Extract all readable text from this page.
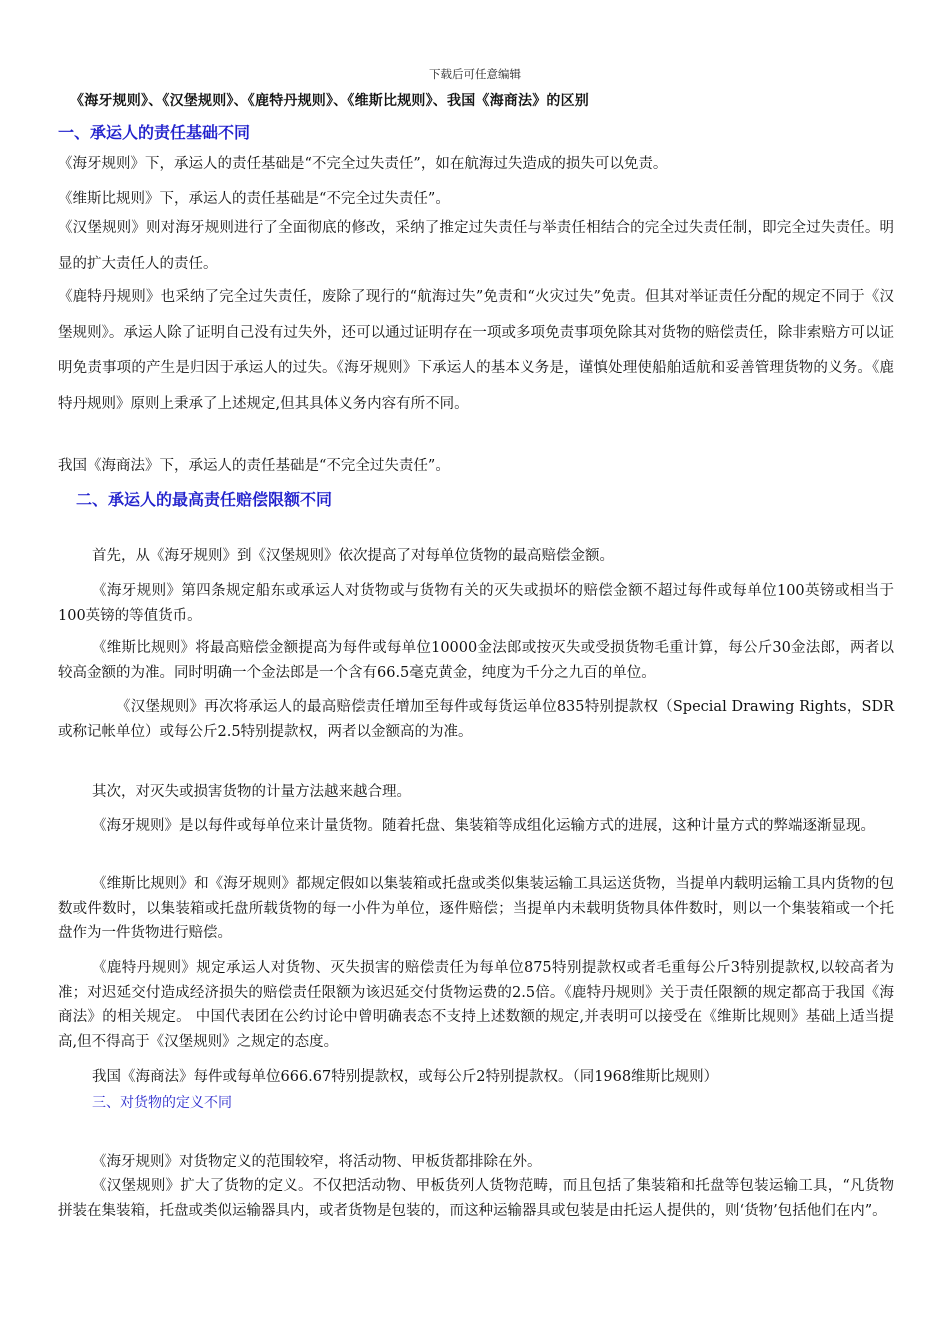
下载后可任意编辑
《海牙规则》、《汉堡规则》、《鹿特丹规则》、《维斯比规则》、我国《海商法》的区别
一、承运人的责任基础不同
《海牙规则》下，承运人的责任基础是“不完全过失责任”，如在航海过失造成的损失可以免责。
《维斯比规则》下，承运人的责任基础是“不完全过失责任”。
《汉堡规则》则对海牙规则进行了全面彻底的修改，采纳了推定过失责任与举责任相结合的完全过失责任制，即完全过失责任。明显的扩大责任人的责任。
《鹿特丹规则》也采纳了完全过失责任，废除了现行的“航海过失”免责和“火灾过失”免责。但其对举证责任分配的规定不同于《汉堡规则》。承运人除了证明自己没有过失外，还可以通过证明存在一项或多项免责事项免除其对货物的赔偿责任，除非索赔方可以证明免责事项的产生是归因于承运人的过失。《海牙规则》下承运人的基本义务是，谨慎处理使船舶适航和妥善管理货物的义务。《鹿特丹规则》原则上秉承了上述规定,但其具体义务内容有所不同。
我国《海商法》下，承运人的责任基础是“不完全过失责任”。
二、承运人的最高责任赔偿限额不同
首先，从《海牙规则》到《汉堡规则》依次提高了对每单位货物的最高赔偿金额。
《海牙规则》第四条规定船东或承运人对货物或与货物有关的灭失或损坏的赔偿金额不超过每件或每单位100英镑或相当于100英镑的等值货币。
《维斯比规则》将最高赔偿金额提高为每件或每单位10000金法郎或按灭失或受损货物毛重计算，每公斤30金法郎，两者以较高金额的为准。同时明确一个金法郎是一个含有66.5毫克黄金，纯度为千分之九百的单位。
《汉堡规则》再次将承运人的最高赔偿责任增加至每件或每货运单位835特别提款权（Special Drawing Rights，SDR或称记帐单位）或每公斤2.5特别提款权，两者以金额高的为准。
其次，对灭失或损害货物的计量方法越来越合理。
《海牙规则》是以每件或每单位来计量货物。随着托盘、集装箱等成组化运输方式的进展，这种计量方式的弊端逐渐显现。
《维斯比规则》和《海牙规则》都规定假如以集装箱或托盘或类似集装运输工具运送货物，当提单内载明运输工具内货物的包数或件数时，以集装箱或托盘所载货物的每一小件为单位，逐件赔偿；当提单内未载明货物具体件数时，则以一个集装箱或一个托盘作为一件货物进行赔偿。
《鹿特丹规则》规定承运人对货物、灭失损害的赔偿责任为每单位875特别提款权或者毛重每公斤3特别提款权,以较高者为准；对迟延交付造成经济损失的赔偿责任限额为该迟延交付货物运费的2.5倍。《鹿特丹规则》关于责任限额的规定都高于我国《海商法》的相关规定。 中国代表团在公约讨论中曾明确表态不支持上述数额的规定,并表明可以接受在《维斯比规则》基础上适当提高,但不得高于《汉堡规则》之规定的态度。
我国《海商法》每件或每单位666.67特别提款权，或每公斤2特别提款权。（同1968维斯比规则）
三、对货物的定义不同
《海牙规则》对货物定义的范围较窄，将活动物、甲板货都排除在外。
《汉堡规则》扩大了货物的定义。不仅把活动物、甲板货列人货物范畴，而且包括了集装箱和托盘等包装运输工具，“凡货物拼装在集装箱，托盘或类似运输器具内，或者货物是包装的，而这种运输器具或包装是由托运人提供的，则‘货物’包括他们在内”。
